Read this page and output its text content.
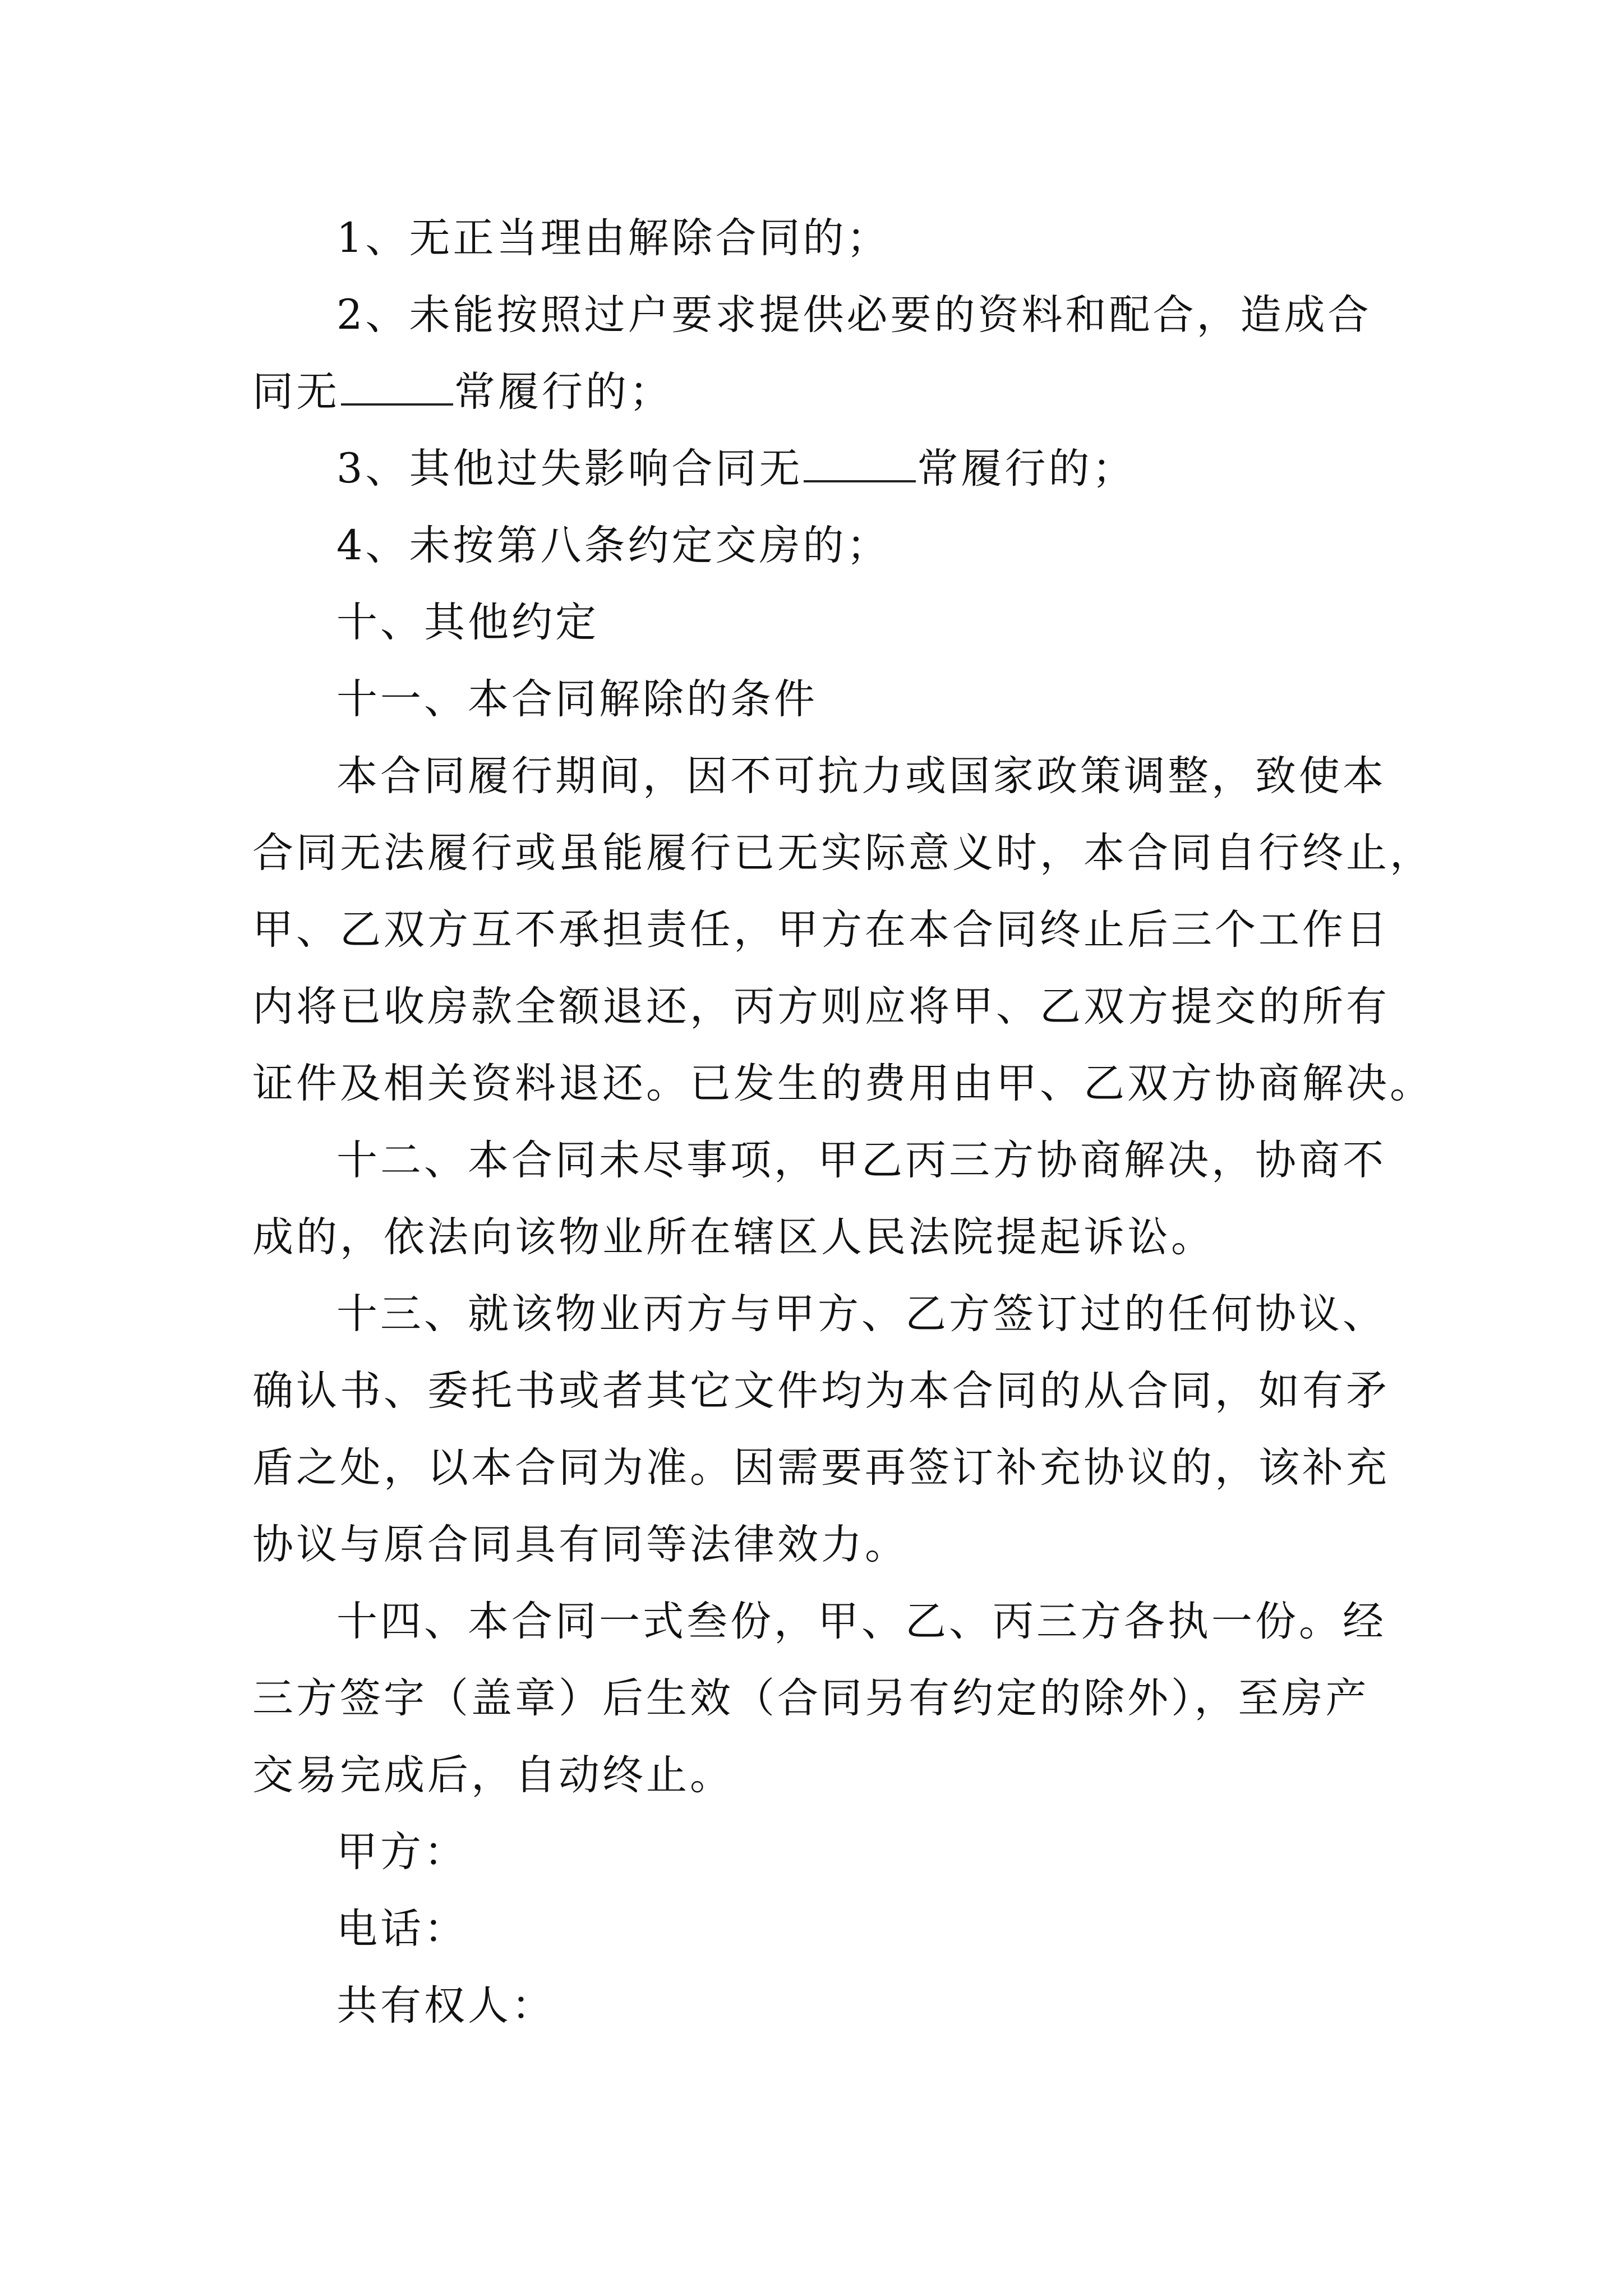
1、无正当理由解除合同的；
2、未能按照过户要求提供必要的资料和配合，造成合
同无	常履行的；
3、其他过失影响合同无	常履行的；
4、未按第八条约定交房的；
十、其他约定
十一、本合同解除的条件
本合同履行期间，因不可抗力或国家政策调整，致使本
合同无法履行或虽能履行已无实际意义时，本合同自行终止，
甲、乙双方互不承担责任，甲方在本合同终止后三个工作日
内将已收房款全额退还，丙方则应将甲、乙双方提交的所有
证件及相关资料退还。已发生的费用由甲、乙双方协商解决。
十二、本合同未尽事项，甲乙丙三方协商解决，协商不
成的，依法向该物业所在辖区人民法院提起诉讼。
十三、就该物业丙方与甲方、乙方签订过的任何协议、
确认书、委托书或者其它文件均为本合同的从合同，如有矛
盾之处，以本合同为准。因需要再签订补充协议的，该补充
协议与原合同具有同等法律效力。
十四、本合同一式叁份，甲、乙、丙三方各执一份。经
三方签字（盖章）后生效（合同另有约定的除外），至房产
交易完成后，自动终止。
甲方：
电话：
共有权人：
